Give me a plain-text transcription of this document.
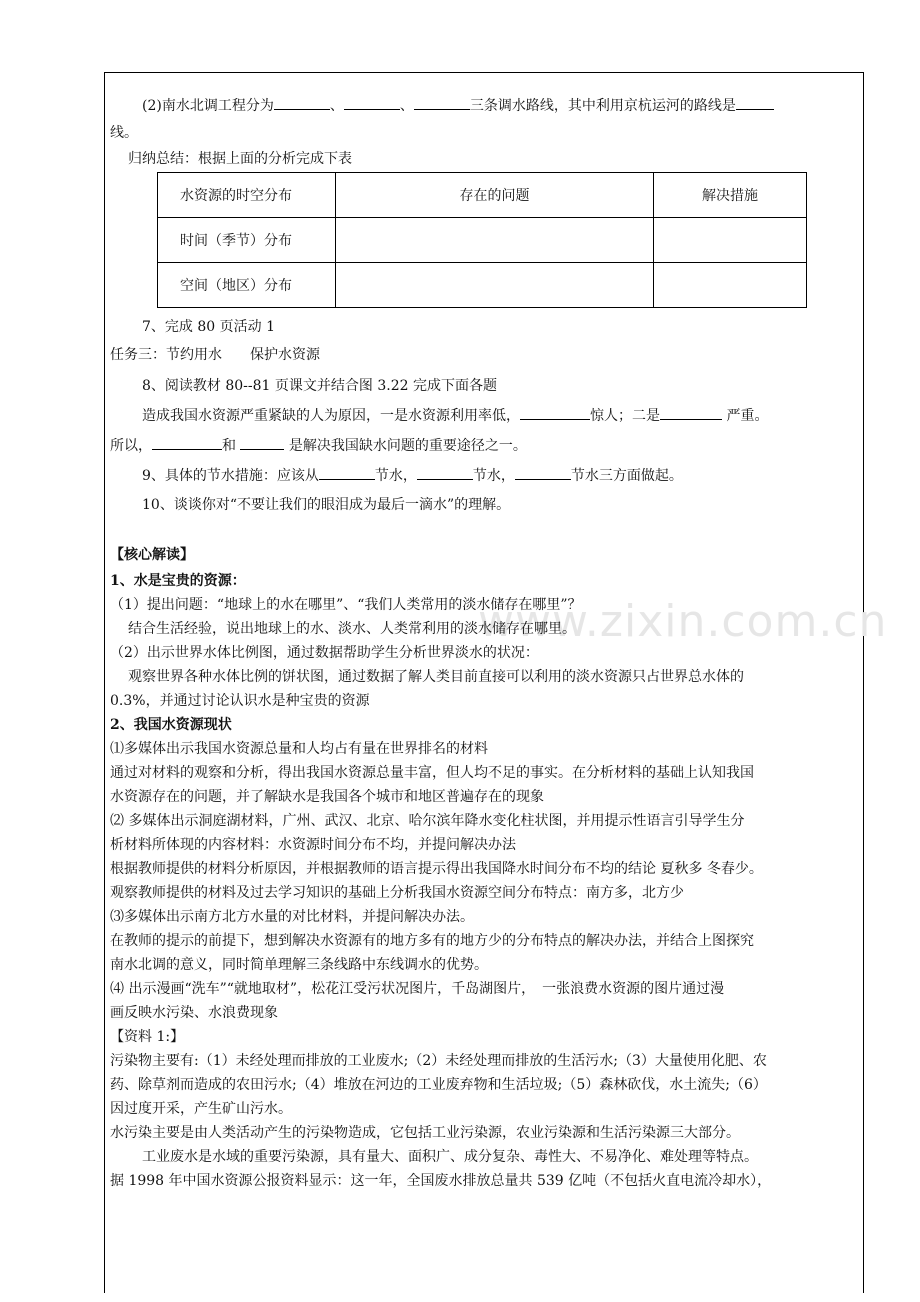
www.zixin.com.cn
(2)南水北调工程分为	、	、	三条调水路线，其中利用京杭运河的路线是
线。
归纳总结：根据上面的分析完成下表
水资源的时空分布	存在的问题	解决措施
时间（季节）分布		
空间（地区）分布		
7、完成 80 页活动 1
任务三：节约用水　　保护水资源
8、阅读教材 80--81 页课文并结合图 3.22 完成下面各题
造成我国水资源严重紧缺的人为原因，一是水资源利用率低，	惊人；二是	严重。
所以，	和	是解决我国缺水问题的重要途径之一。
9、具体的节水措施：应该从	节水，	节水，	节水三方面做起。
10、谈谈你对“不要让我们的眼泪成为最后一滴水”的理解。
【核心解读】
1、水是宝贵的资源：
（1）提出问题：“地球上的水在哪里”、“我们人类常用的淡水储存在哪里”？
结合生活经验，说出地球上的水、淡水、人类常利用的淡水储存在哪里。
（2）出示世界水体比例图，通过数据帮助学生分析世界淡水的状况：
观察世界各种水体比例的饼状图，通过数据了解人类目前直接可以利用的淡水资源只占世界总水体的
0.3%，并通过讨论认识水是种宝贵的资源
2、我国水资源现状
⑴多媒体出示我国水资源总量和人均占有量在世界排名的材料
通过对材料的观察和分析，得出我国水资源总量丰富，但人均不足的事实。在分析材料的基础上认知我国
水资源存在的问题，并了解缺水是我国各个城市和地区普遍存在的现象
⑵ 多媒体出示洞庭湖材料，广州、武汉、北京、哈尔滨年降水变化柱状图，并用提示性语言引导学生分
析材料所体现的内容材料：水资源时间分布不均，并提问解决办法
根据教师提供的材料分析原因，并根据教师的语言提示得出我国降水时间分布不均的结论 夏秋多 冬春少。
观察教师提供的材料及过去学习知识的基础上分析我国水资源空间分布特点：南方多，北方少
⑶多媒体出示南方北方水量的对比材料，并提问解决办法。
在教师的提示的前提下，想到解决水资源有的地方多有的地方少的分布特点的解决办法，并结合上图探究
南水北调的意义，同时简单理解三条线路中东线调水的优势。
⑷ 出示漫画“洗车”“就地取材”，松花江受污状况图片，千岛湖图片，　一张浪费水资源的图片通过漫
画反映水污染、水浪费现象
【资料 1:】
污染物主要有:（1）未经处理而排放的工业废水;（2）未经处理而排放的生活污水;（3）大量使用化肥、农
药、除草剂而造成的农田污水;（4）堆放在河边的工业废弃物和生活垃圾;（5）森林砍伐，水土流失;（6）
因过度开采，产生矿山污水。
水污染主要是由人类活动产生的污染物造成，它包括工业污染源，农业污染源和生活污染源三大部分。
工业废水是水域的重要污染源，具有量大、面积广、成分复杂、毒性大、不易净化、难处理等特点。
据 1998 年中国水资源公报资料显示：这一年，全国废水排放总量共 539 亿吨（不包括火直电流冷却水），
